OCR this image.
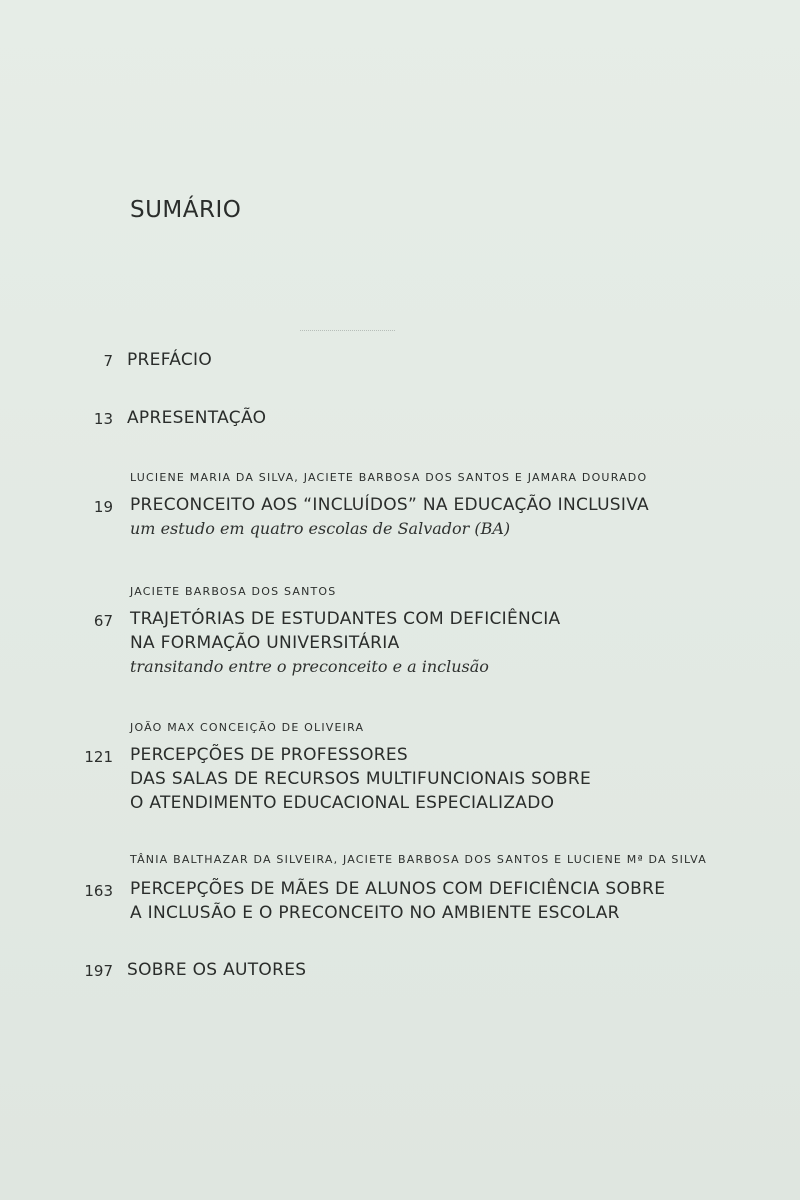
SUMÁRIO
7 PREFÁCIO
13 APRESENTAÇÃO
LUCIENE MARIA DA SILVA, JACIETE BARBOSA DOS SANTOS E JAMARA DOURADO
19 PRECONCEITO AOS “INCLUÍDOS” NA EDUCAÇÃO INCLUSIVA
um estudo em quatro escolas de Salvador (BA)
JACIETE BARBOSA DOS SANTOS
67 TRAJETÓRIAS DE ESTUDANTES COM DEFICIÊNCIA
NA FORMAÇÃO UNIVERSITÁRIA
transitando entre o preconceito e a inclusão
JOÃO MAX CONCEIÇÃO DE OLIVEIRA
121 PERCEPÇÕES DE PROFESSORES
DAS SALAS DE RECURSOS MULTIFUNCIONAIS SOBRE
O ATENDIMENTO EDUCACIONAL ESPECIALIZADO
TÂNIA BALTHAZAR DA SILVEIRA, JACIETE BARBOSA DOS SANTOS E LUCIENE Mª DA SILVA
163 PERCEPÇÕES DE MÃES DE ALUNOS COM DEFICIÊNCIA SOBRE
A INCLUSÃO E O PRECONCEITO NO AMBIENTE ESCOLAR
197 SOBRE OS AUTORES
